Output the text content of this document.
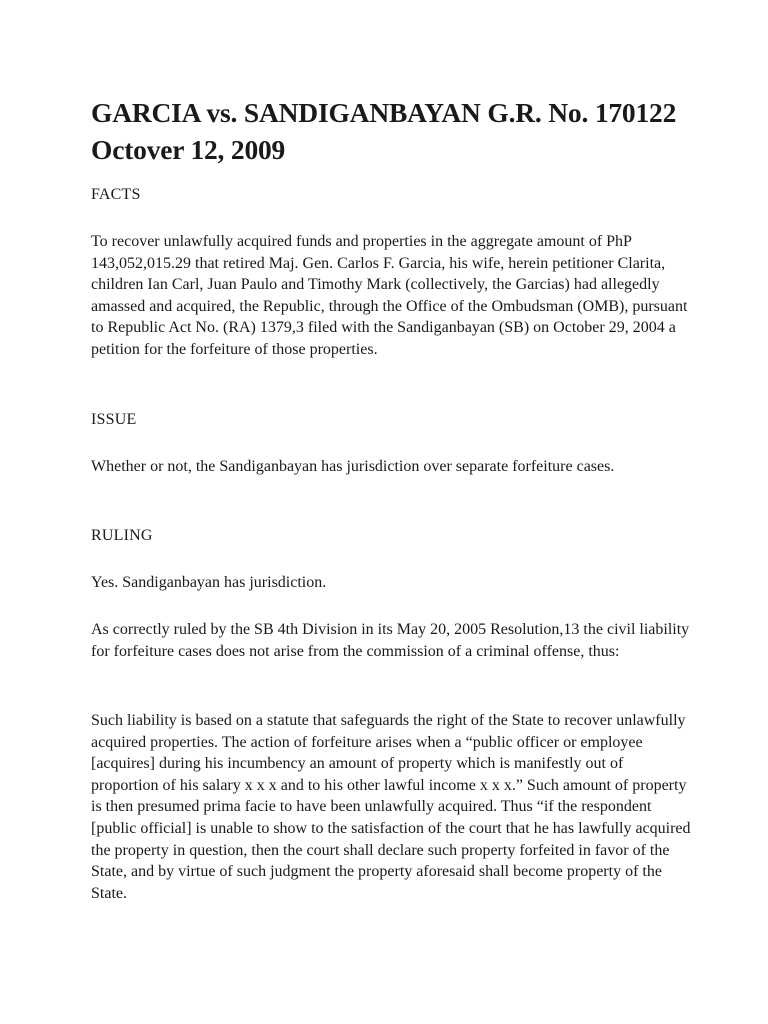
GARCIA vs. SANDIGANBAYAN G.R. No. 170122 Octover 12, 2009

FACTS

To recover unlawfully acquired funds and properties in the aggregate amount of PhP 143,052,015.29 that retired Maj. Gen. Carlos F. Garcia, his wife, herein petitioner Clarita, children Ian Carl, Juan Paulo and Timothy Mark (collectively, the Garcias) had allegedly amassed and acquired, the Republic, through the Office of the Ombudsman (OMB), pursuant to Republic Act No. (RA) 1379,3 filed with the Sandiganbayan (SB) on October 29, 2004 a petition for the forfeiture of those properties.

ISSUE

Whether or not, the Sandiganbayan has jurisdiction over separate forfeiture cases.

RULING

Yes. Sandiganbayan has jurisdiction.

As correctly ruled by the SB 4th Division in its May 20, 2005 Resolution,13 the civil liability for forfeiture cases does not arise from the commission of a criminal offense, thus:

Such liability is based on a statute that safeguards the right of the State to recover unlawfully acquired properties. The action of forfeiture arises when a “public officer or employee [acquires] during his incumbency an amount of property which is manifestly out of proportion of his salary x x x and to his other lawful income x x x.” Such amount of property is then presumed prima facie to have been unlawfully acquired. Thus “if the respondent [public official] is unable to show to the satisfaction of the court that he has lawfully acquired the property in question, then the court shall declare such property forfeited in favor of the State, and by virtue of such judgment the property aforesaid shall become property of the State.
